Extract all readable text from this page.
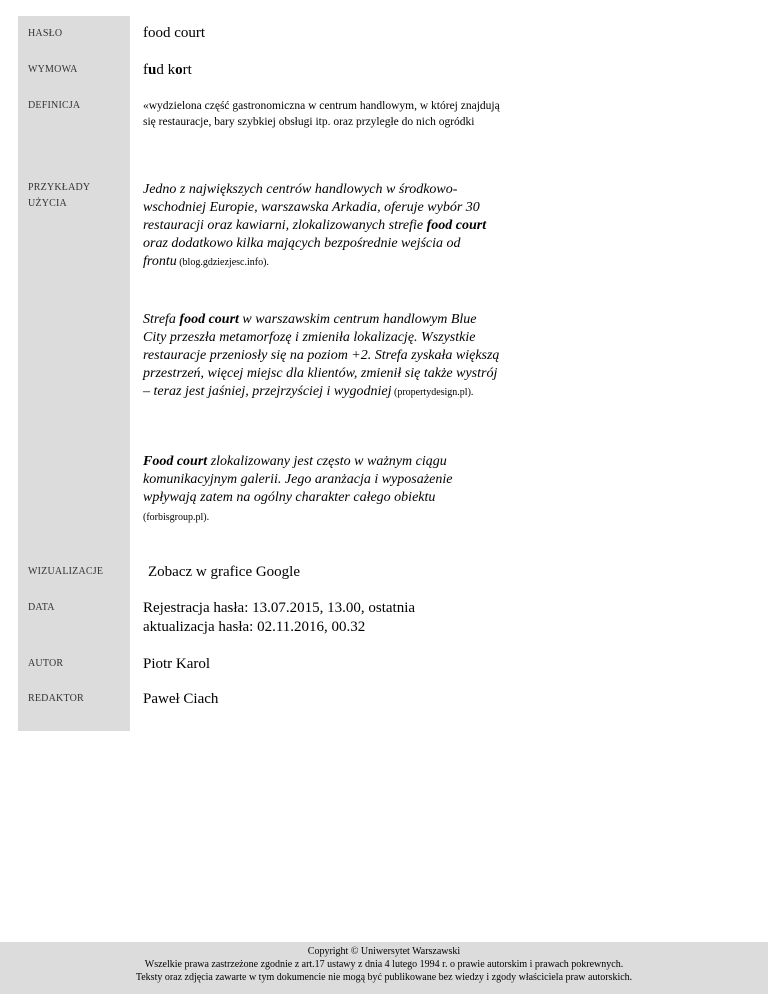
HASŁO	food court
WYMOWA	fud kort
DEFINICJA	«wydzielona część gastronomiczna w centrum handlowym, w której znajdują się restauracje, bary szybkiej obsługi itp. oraz przyległe do nich ogródki
PRZYKŁADY UŻYCIA
Jedno z największych centrów handlowych w środkowo-wschodniej Europie, warszawska Arkadia, oferuje wybór 30 restauracji oraz kawiarni, zlokalizowanych strefie food court oraz dodatkowo kilka mających bezpośrednie wejścia od frontu (blog.gdziezjesc.info).
Strefa food court w warszawskim centrum handlowym Blue City przeszła metamorfozę i zmieniła lokalizację. Wszystkie restauracje przeniosły się na poziom +2. Strefa zyskała większą przestrzeń, więcej miejsc dla klientów, zmienił się także wystrój – teraz jest jaśniej, przejrzyściej i wygodniej (propertydesign.pl).
Food court zlokalizowany jest często w ważnym ciągu komunikacyjnym galerii. Jego aranżacja i wyposażenie wpływają zatem na ogólny charakter całego obiektu (forbisgroup.pl).
WIZUALIZACJE	Zobacz w grafice Google
DATA	Rejestracja hasła: 13.07.2015, 13.00, ostatnia aktualizacja hasła: 02.11.2016, 00.32
AUTOR	Piotr Karol
REDAKTOR	Paweł Ciach
Copyright © Uniwersytet Warszawski
Wszelkie prawa zastrzeżone zgodnie z art.17 ustawy z dnia 4 lutego 1994 r. o prawie autorskim i prawach pokrewnych.
Teksty oraz zdjęcia zawarte w tym dokumencie nie mogą być publikowane bez wiedzy i zgody właściciela praw autorskich.
